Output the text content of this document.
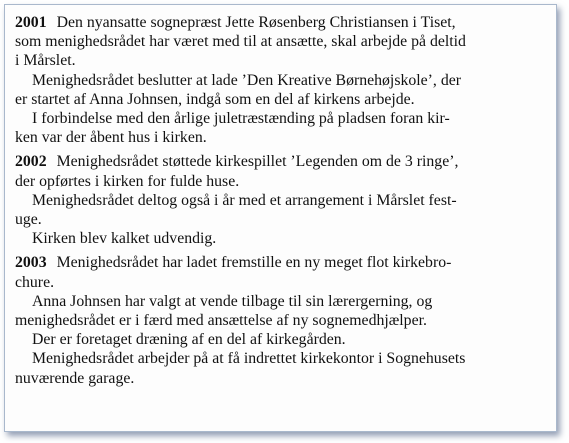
2001 Den nyansatte sognepræst Jette Røsenberg Christiansen i Tiset,
som menighedsrådet har været med til at ansætte, skal arbejde på deltid
i Mårslet.

Menighedsrådet beslutter at lade ’Den Kreative Børnehøjskole’, der

er startet af Anna Johnsen, indgå som en del af kirkens arbejde.

I forbindelse med den årlige juletræstænding på pladsen foran kir-

ken var der åbent hus i kirken.

2002 Menighedsrådet støttede kirkespillet ’Legenden om de 3 ringe’,
der opførtes i kirken for fulde huse.

Menighedsrådet deltog også i år med et arrangement i Mårslet fest-

uge.

Kirken blev kalket udvendig.

2003 Menighedsrådet har ladet fremstille en ny meget flot kirkebro-
chure.

Anna Johnsen har valgt at vende tilbage til sin lærergerning, og

menighedsrådet er i færd med ansættelse af ny sognemedhjælper.

Der er foretaget dræning af en del af kirkegården.

Menighedsrådet arbejder på at få indrettet kirkekontor i Sognehusets

nuværende garage.
